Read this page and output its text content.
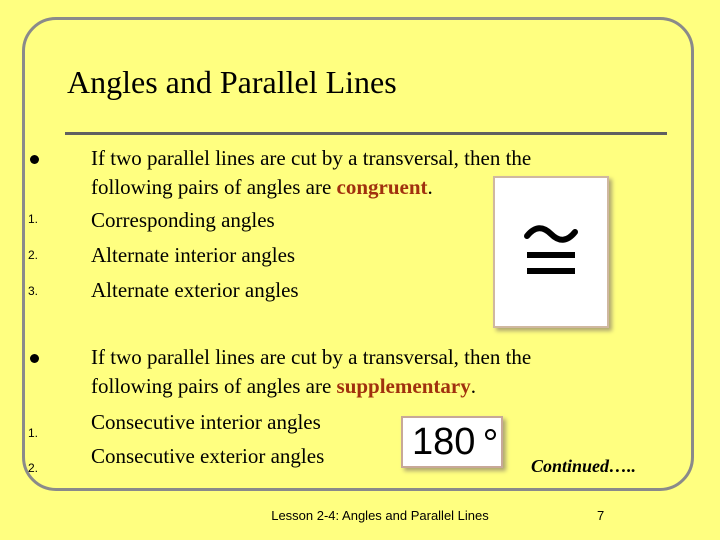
Angles and Parallel Lines
If two parallel lines are cut by a transversal, then the
following pairs of angles are congruent.
1.	Corresponding angles
2.	Alternate interior angles
3.	Alternate exterior angles
If two parallel lines are cut by a transversal, then the
following pairs of angles are supplementary.
1.	Consecutive interior angles
2.	Consecutive exterior angles 180
Continued…..
Lesson 2-4: Angles and Parallel Lines	7
